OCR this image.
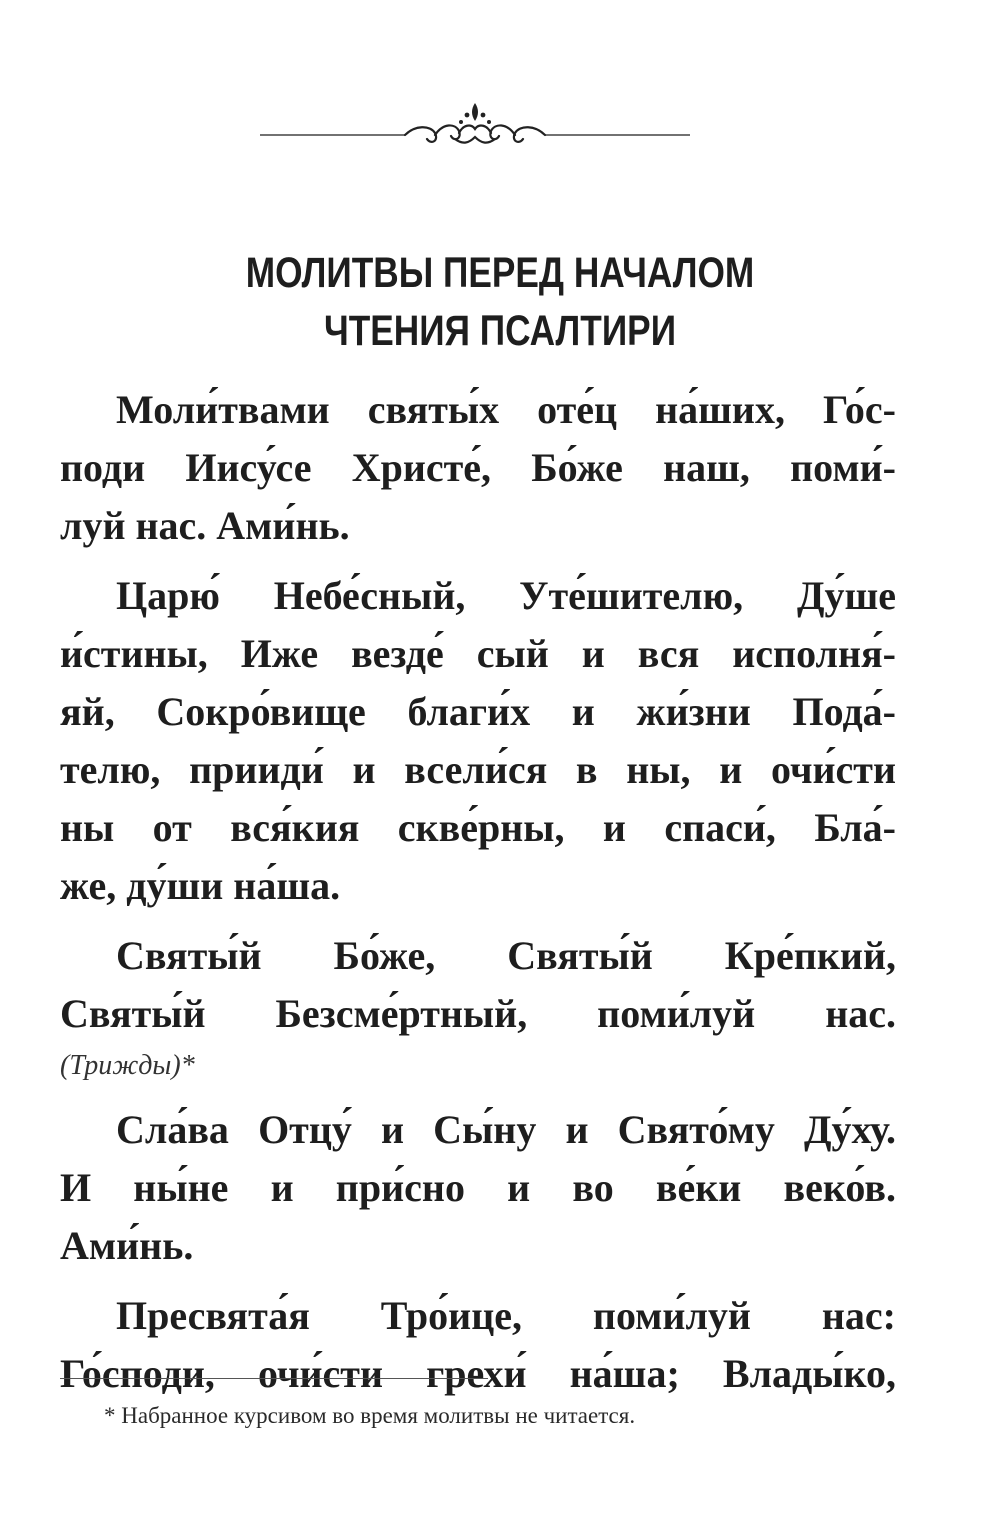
МОЛИТВЫ ПЕРЕД НАЧАЛОМ
ЧТЕНИЯ ПСАЛТИРИ
Моли́твами святы́х оте́ц на́ших, Го́с-
поди Иису́се Христе́, Бо́же наш, поми́-
луй нас. Ами́нь.
Царю́ Небе́сный, Уте́шителю, Ду́ше
и́стины, Иже везде́ сый и вся исполня́-
яй, Сокро́вище благи́х и жи́зни Пода́-
телю, прииди́ и всели́ся в ны, и очи́сти
ны от вся́кия скве́рны, и спаси́, Бла́-
же, ду́ши на́ша.
Святы́й Бо́же, Святы́й Кре́пкий,
Святы́й Безсме́ртный, поми́луй нас.
(Трижды)*
Сла́ва Отцу́ и Сы́ну и Свято́му Ду́ху.
И ны́не и при́сно и во ве́ки веко́в.
Ами́нь.
Пресвята́я Тро́ице, поми́луй нас:
Го́споди, очи́сти грехи́ на́ша; Влады́ко,
* Набранное курсивом во время молитвы не читается.
